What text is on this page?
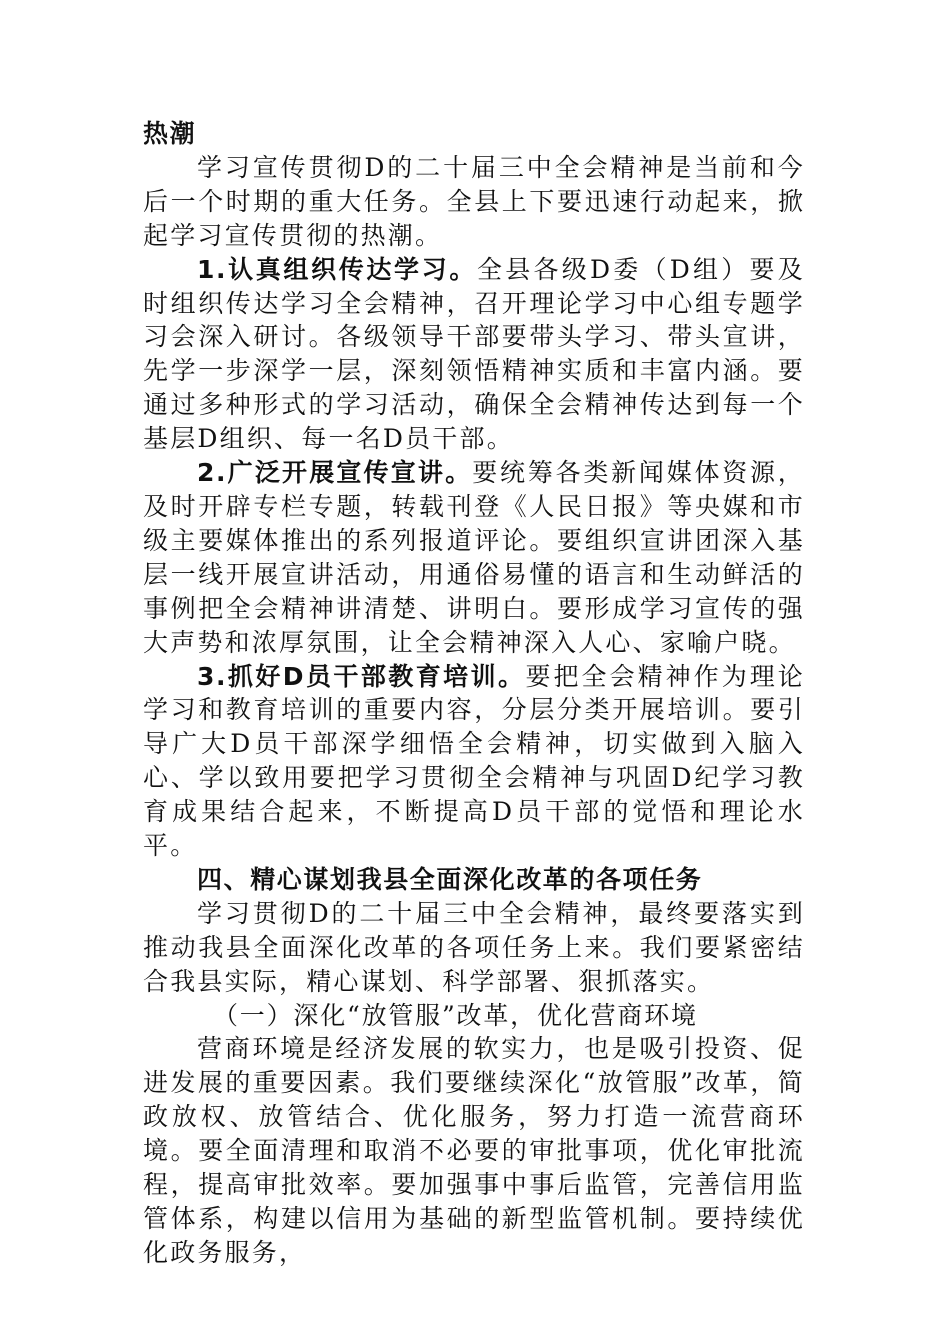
热潮

学习宣传贯彻D的二十届三中全会精神是当前和今后一个时期的重大任务。全县上下要迅速行动起来，掀起学习宣传贯彻的热潮。

1.认真组织传达学习。全县各级D委（D组）要及时组织传达学习全会精神，召开理论学习中心组专题学习会深入研讨。各级领导干部要带头学习、带头宣讲，先学一步深学一层，深刻领悟精神实质和丰富内涵。要通过多种形式的学习活动，确保全会精神传达到每一个基层D组织、每一名D员干部。

2.广泛开展宣传宣讲。要统筹各类新闻媒体资源，及时开辟专栏专题，转载刊登《人民日报》等央媒和市级主要媒体推出的系列报道评论。要组织宣讲团深入基层一线开展宣讲活动，用通俗易懂的语言和生动鲜活的事例把全会精神讲清楚、讲明白。要形成学习宣传的强大声势和浓厚氛围，让全会精神深入人心、家喻户晓。

3.抓好D员干部教育培训。要把全会精神作为理论学习和教育培训的重要内容，分层分类开展培训。要引导广大D员干部深学细悟全会精神，切实做到入脑入心、学以致用要把学习贯彻全会精神与巩固D纪学习教育成果结合起来，不断提高D员干部的觉悟和理论水平。

四、精心谋划我县全面深化改革的各项任务

学习贯彻D的二十届三中全会精神，最终要落实到推动我县全面深化改革的各项任务上来。我们要紧密结合我县实际，精心谋划、科学部署、狠抓落实。

（一）深化“放管服”改革，优化营商环境

营商环境是经济发展的软实力，也是吸引投资、促进发展的重要因素。我们要继续深化“放管服”改革，简政放权、放管结合、优化服务，努力打造一流营商环境。要全面清理和取消不必要的审批事项，优化审批流程，提高审批效率。要加强事中事后监管，完善信用监管体系，构建以信用为基础的新型监管机制。要持续优化政务服务，
